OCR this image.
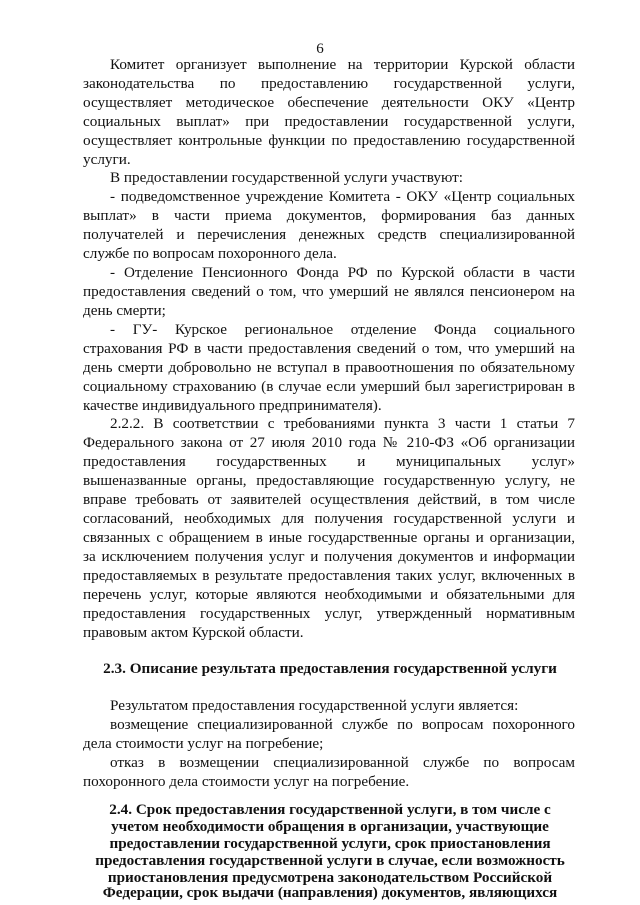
6
Комитет организует выполнение на территории Курской области
законодательства по предоставлению государственной услуги,
осуществляет методическое обеспечение деятельности ОКУ «Центр
социальных выплат» при предоставлении государственной услуги,
осуществляет контрольные функции по предоставлению государственной
услуги.
В предоставлении государственной услуги участвуют:
- подведомственное учреждение Комитета - ОКУ «Центр социальных
выплат» в части приема документов, формирования баз данных
получателей и перечисления денежных средств специализированной
службе по вопросам похоронного дела.
- Отделение Пенсионного Фонда РФ по Курской области в части
предоставления сведений о том, что умерший не являлся пенсионером на
день смерти;
- ГУ- Курское региональное отделение Фонда социального
страхования РФ в части предоставления сведений о том, что умерший на
день смерти добровольно не вступал в правоотношения по обязательному
социальному страхованию (в случае если умерший был зарегистрирован в
качестве индивидуального предпринимателя).
2.2.2. В соответствии с требованиями пункта 3 части 1 статьи 7
Федерального закона от 27 июля 2010 года № 210-ФЗ «Об организации
предоставления государственных и муниципальных услуг»
вышеназванные органы, предоставляющие государственную услугу, не
вправе требовать от заявителей осуществления действий, в том числе
согласований, необходимых для получения государственной услуги и
связанных с обращением в иные государственные органы и организации,
за исключением получения услуг и получения документов и информации
предоставляемых в результате предоставления таких услуг, включенных в
перечень услуг, которые являются необходимыми и обязательными для
предоставления государственных услуг, утвержденный нормативным
правовым актом Курской области.
2.3. Описание результата предоставления государственной услуги
Результатом предоставления государственной услуги является:
возмещение специализированной службе по вопросам похоронного
дела стоимости услуг на погребение;
отказ в возмещении специализированной службе по вопросам
похоронного дела стоимости услуг на погребение.
2.4. Срок предоставления государственной услуги, в том числе с
учетом необходимости обращения в организации, участвующие
предоставлении государственной услуги, срок приостановления
предоставления государственной услуги в случае, если возможность
приостановления предусмотрена законодательством Российской
Федерации, срок выдачи (направления) документов, являющихся
